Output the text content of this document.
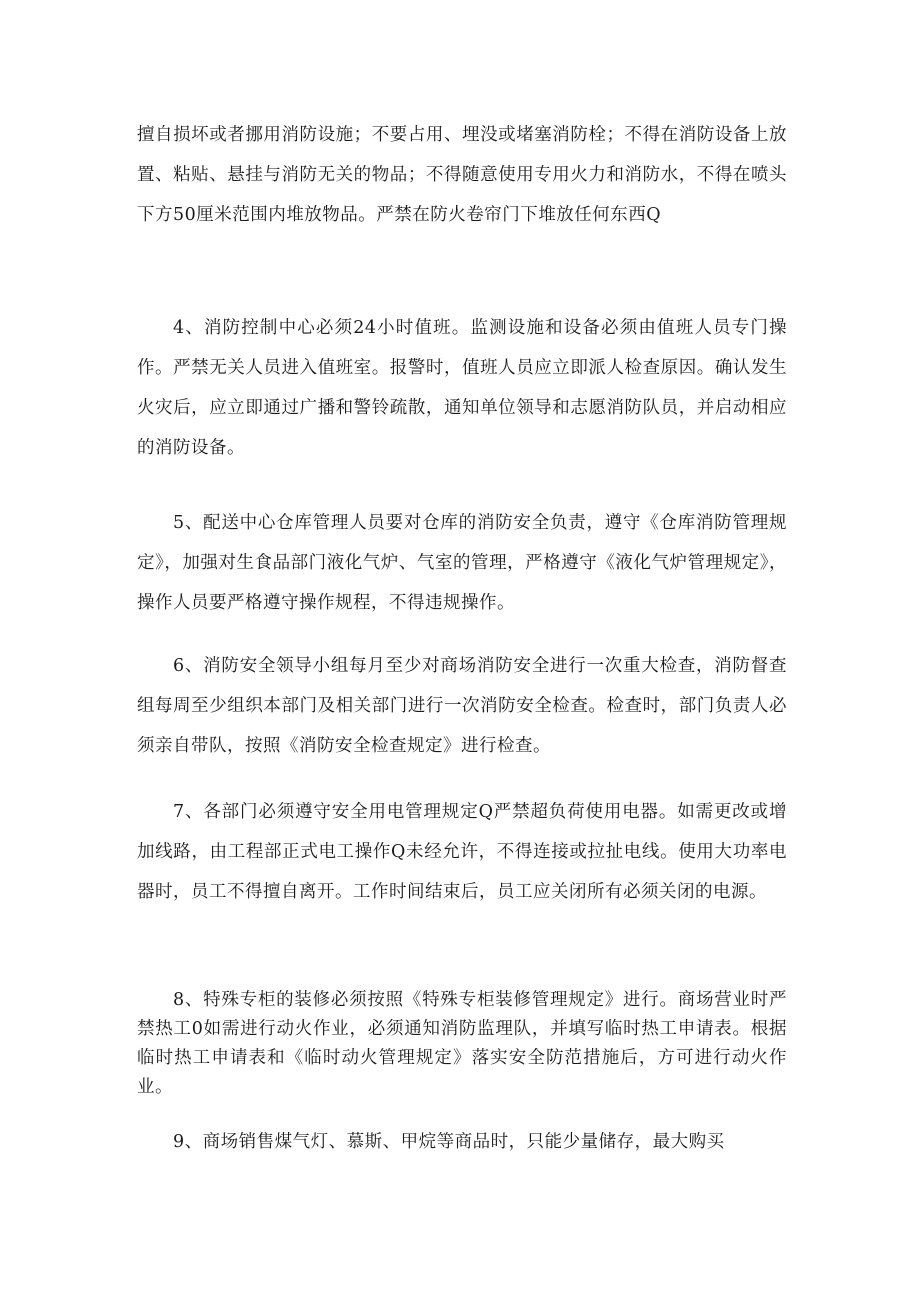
擅自损坏或者挪用消防设施；不要占用、埋没或堵塞消防栓；不得在消防设备上放置、粘贴、悬挂与消防无关的物品；不得随意使用专用火力和消防水，不得在喷头下方50厘米范围内堆放物品。严禁在防火卷帘门下堆放任何东西Q

4、消防控制中心必须24小时值班。监测设施和设备必须由值班人员专门操作。严禁无关人员进入值班室。报警时，值班人员应立即派人检查原因。确认发生火灾后，应立即通过广播和警铃疏散，通知单位领导和志愿消防队员，并启动相应的消防设备。

5、配送中心仓库管理人员要对仓库的消防安全负责，遵守《仓库消防管理规定》，加强对生食品部门液化气炉、气室的管理，严格遵守《液化气炉管理规定》，操作人员要严格遵守操作规程，不得违规操作。

6、消防安全领导小组每月至少对商场消防安全进行一次重大检查，消防督查组每周至少组织本部门及相关部门进行一次消防安全检查。检查时，部门负责人必须亲自带队，按照《消防安全检查规定》进行检查。

7、各部门必须遵守安全用电管理规定Q严禁超负荷使用电器。如需更改或增加线路，由工程部正式电工操作Q未经允许，不得连接或拉扯电线。使用大功率电器时，员工不得擅自离开。工作时间结束后，员工应关闭所有必须关闭的电源。

8、特殊专柜的装修必须按照《特殊专柜装修管理规定》进行。商场营业时严禁热工0如需进行动火作业，必须通知消防监理队，并填写临时热工申请表。根据临时热工申请表和《临时动火管理规定》落实安全防范措施后，方可进行动火作业。

9、商场销售煤气灯、慕斯、甲烷等商品时，只能少量储存，最大购买
